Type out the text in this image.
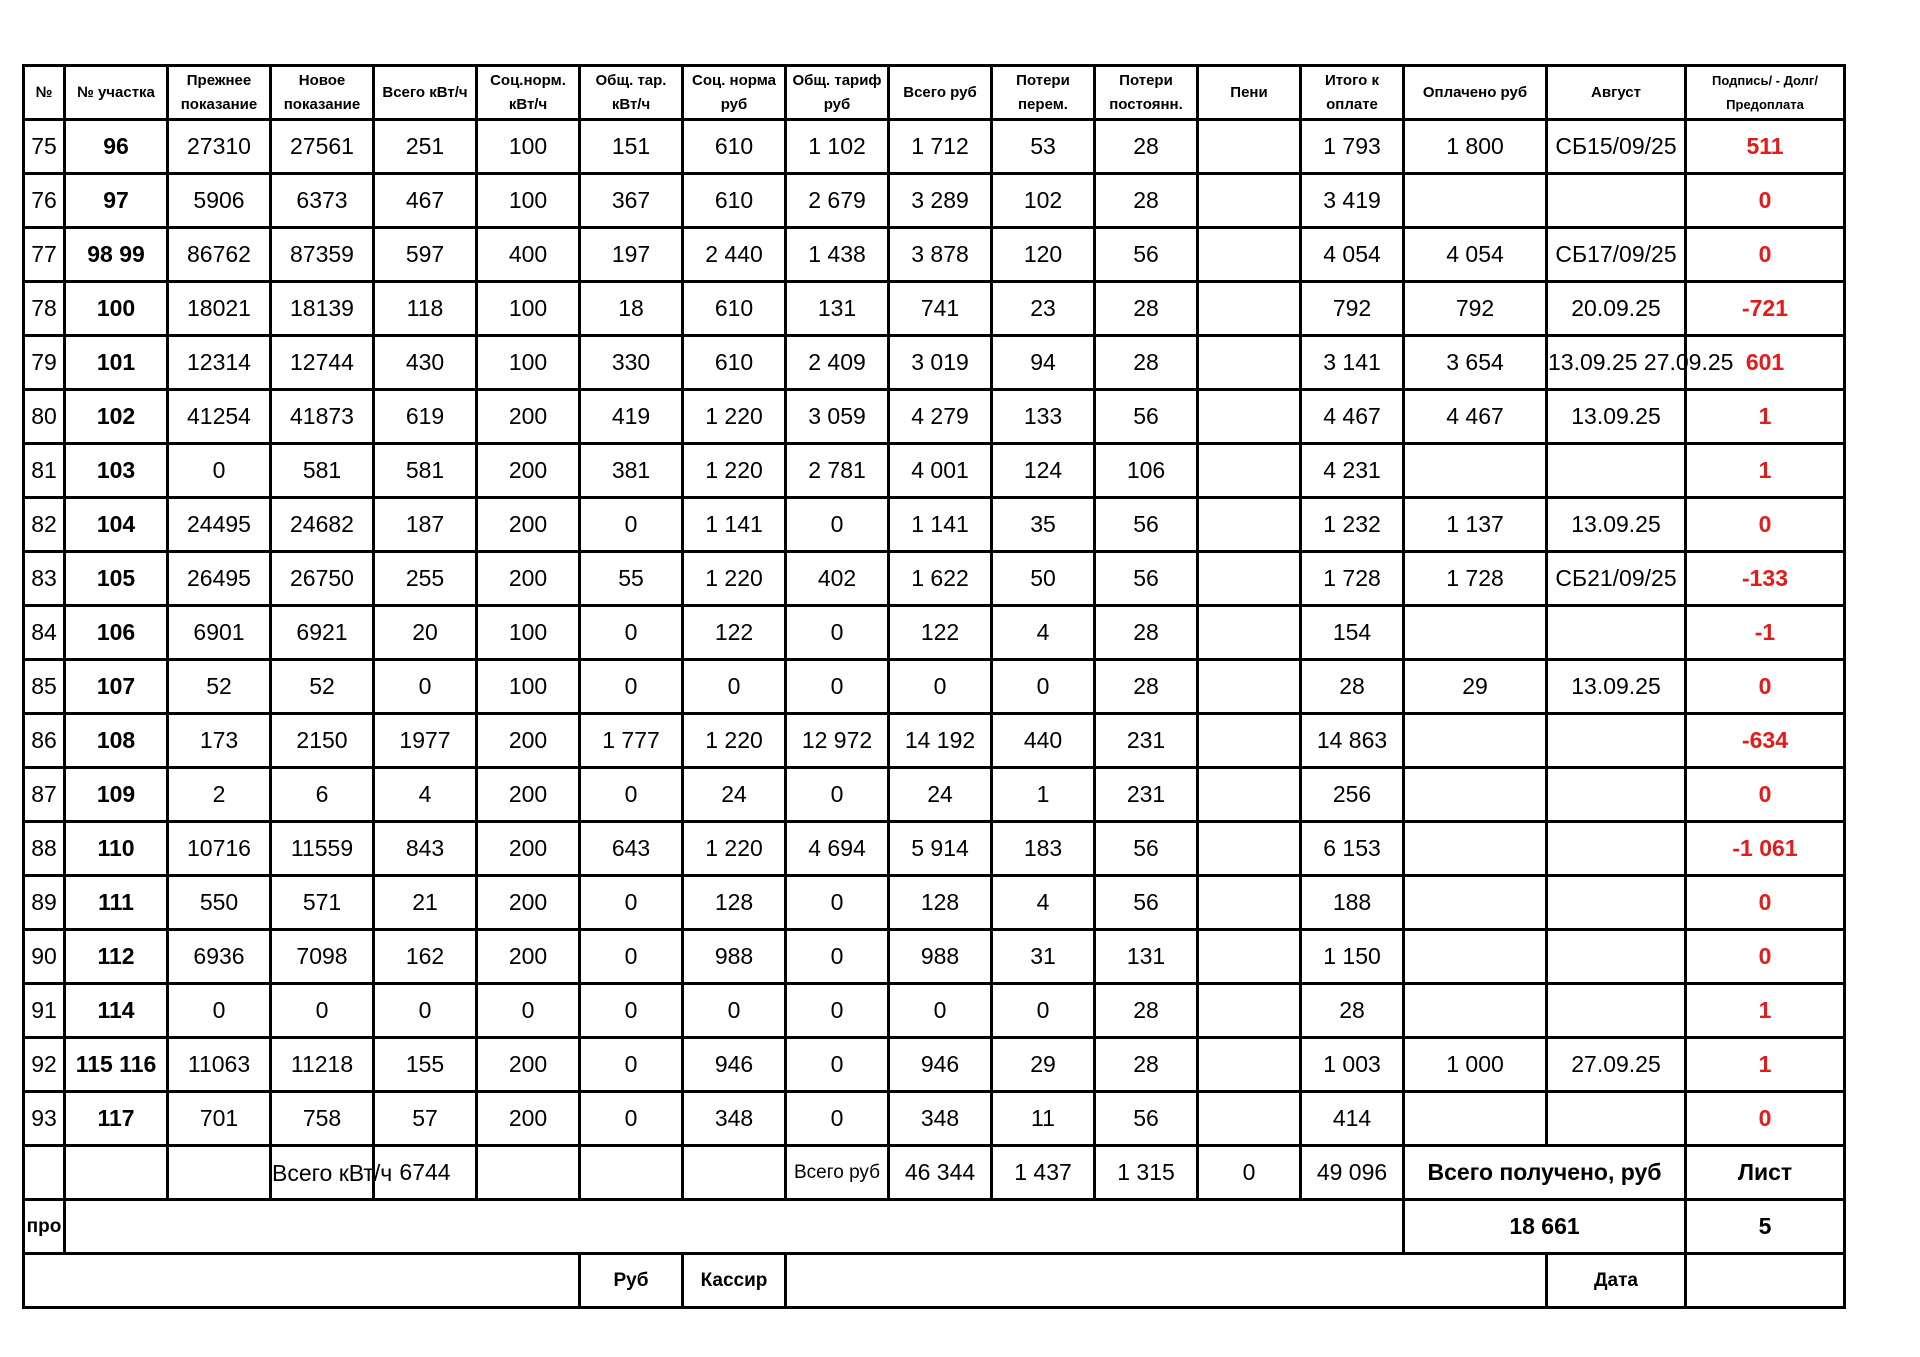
№	№ участка	Прежнее показание	Новое показание	Всего кВт/ч	Соц.норм. кВт/ч	Общ. тар. кВт/ч	Соц. норма руб	Общ. тариф руб	Всего руб	Потери перем.	Потери постоянн.	Пени	Итого к оплате	Оплачено руб	Август	Подпись/ - Долг/Предоплата
75	96	27310	27561	251	100	151	610	1 102	1 712	53	28		1 793	1 800	СБ15/09/25	511
76	97	5906	6373	467	100	367	610	2 679	3 289	102	28		3 419			0
77	98 99	86762	87359	597	400	197	2 440	1 438	3 878	120	56		4 054	4 054	СБ17/09/25	0
78	100	18021	18139	118	100	18	610	131	741	23	28		792	792	20.09.25	-721
79	101	12314	12744	430	100	330	610	2 409	3 019	94	28		3 141	3 654	13.09.25 27.09.25	601
80	102	41254	41873	619	200	419	1 220	3 059	4 279	133	56		4 467	4 467	13.09.25	1
81	103	0	581	581	200	381	1 220	2 781	4 001	124	106		4 231			1
82	104	24495	24682	187	200	0	1 141	0	1 141	35	56		1 232	1 137	13.09.25	0
83	105	26495	26750	255	200	55	1 220	402	1 622	50	56		1 728	1 728	СБ21/09/25	-133
84	106	6901	6921	20	100	0	122	0	122	4	28		154			-1
85	107	52	52	0	100	0	0	0	0	0	28		28	29	13.09.25	0
86	108	173	2150	1977	200	1 777	1 220	12 972	14 192	440	231		14 863			-634
87	109	2	6	4	200	0	24	0	24	1	231		256			0
88	110	10716	11559	843	200	643	1 220	4 694	5 914	183	56		6 153			-1 061
89	111	550	571	21	200	0	128	0	128	4	56		188			0
90	112	6936	7098	162	200	0	988	0	988	31	131		1 150			0
91	114	0	0	0	0	0	0	0	0	0	28		28			1
92	115 116	11063	11218	155	200	0	946	0	946	29	28		1 003	1 000	27.09.25	1
93	117	701	758	57	200	0	348	0	348	11	56		414			0
			Всего кВт/ч	6744				Всего руб	46 344	1 437	1 315	0	49 096	Всего получено, руб		Лист
про														18 661		5
						Руб	Кассир								Дата	
